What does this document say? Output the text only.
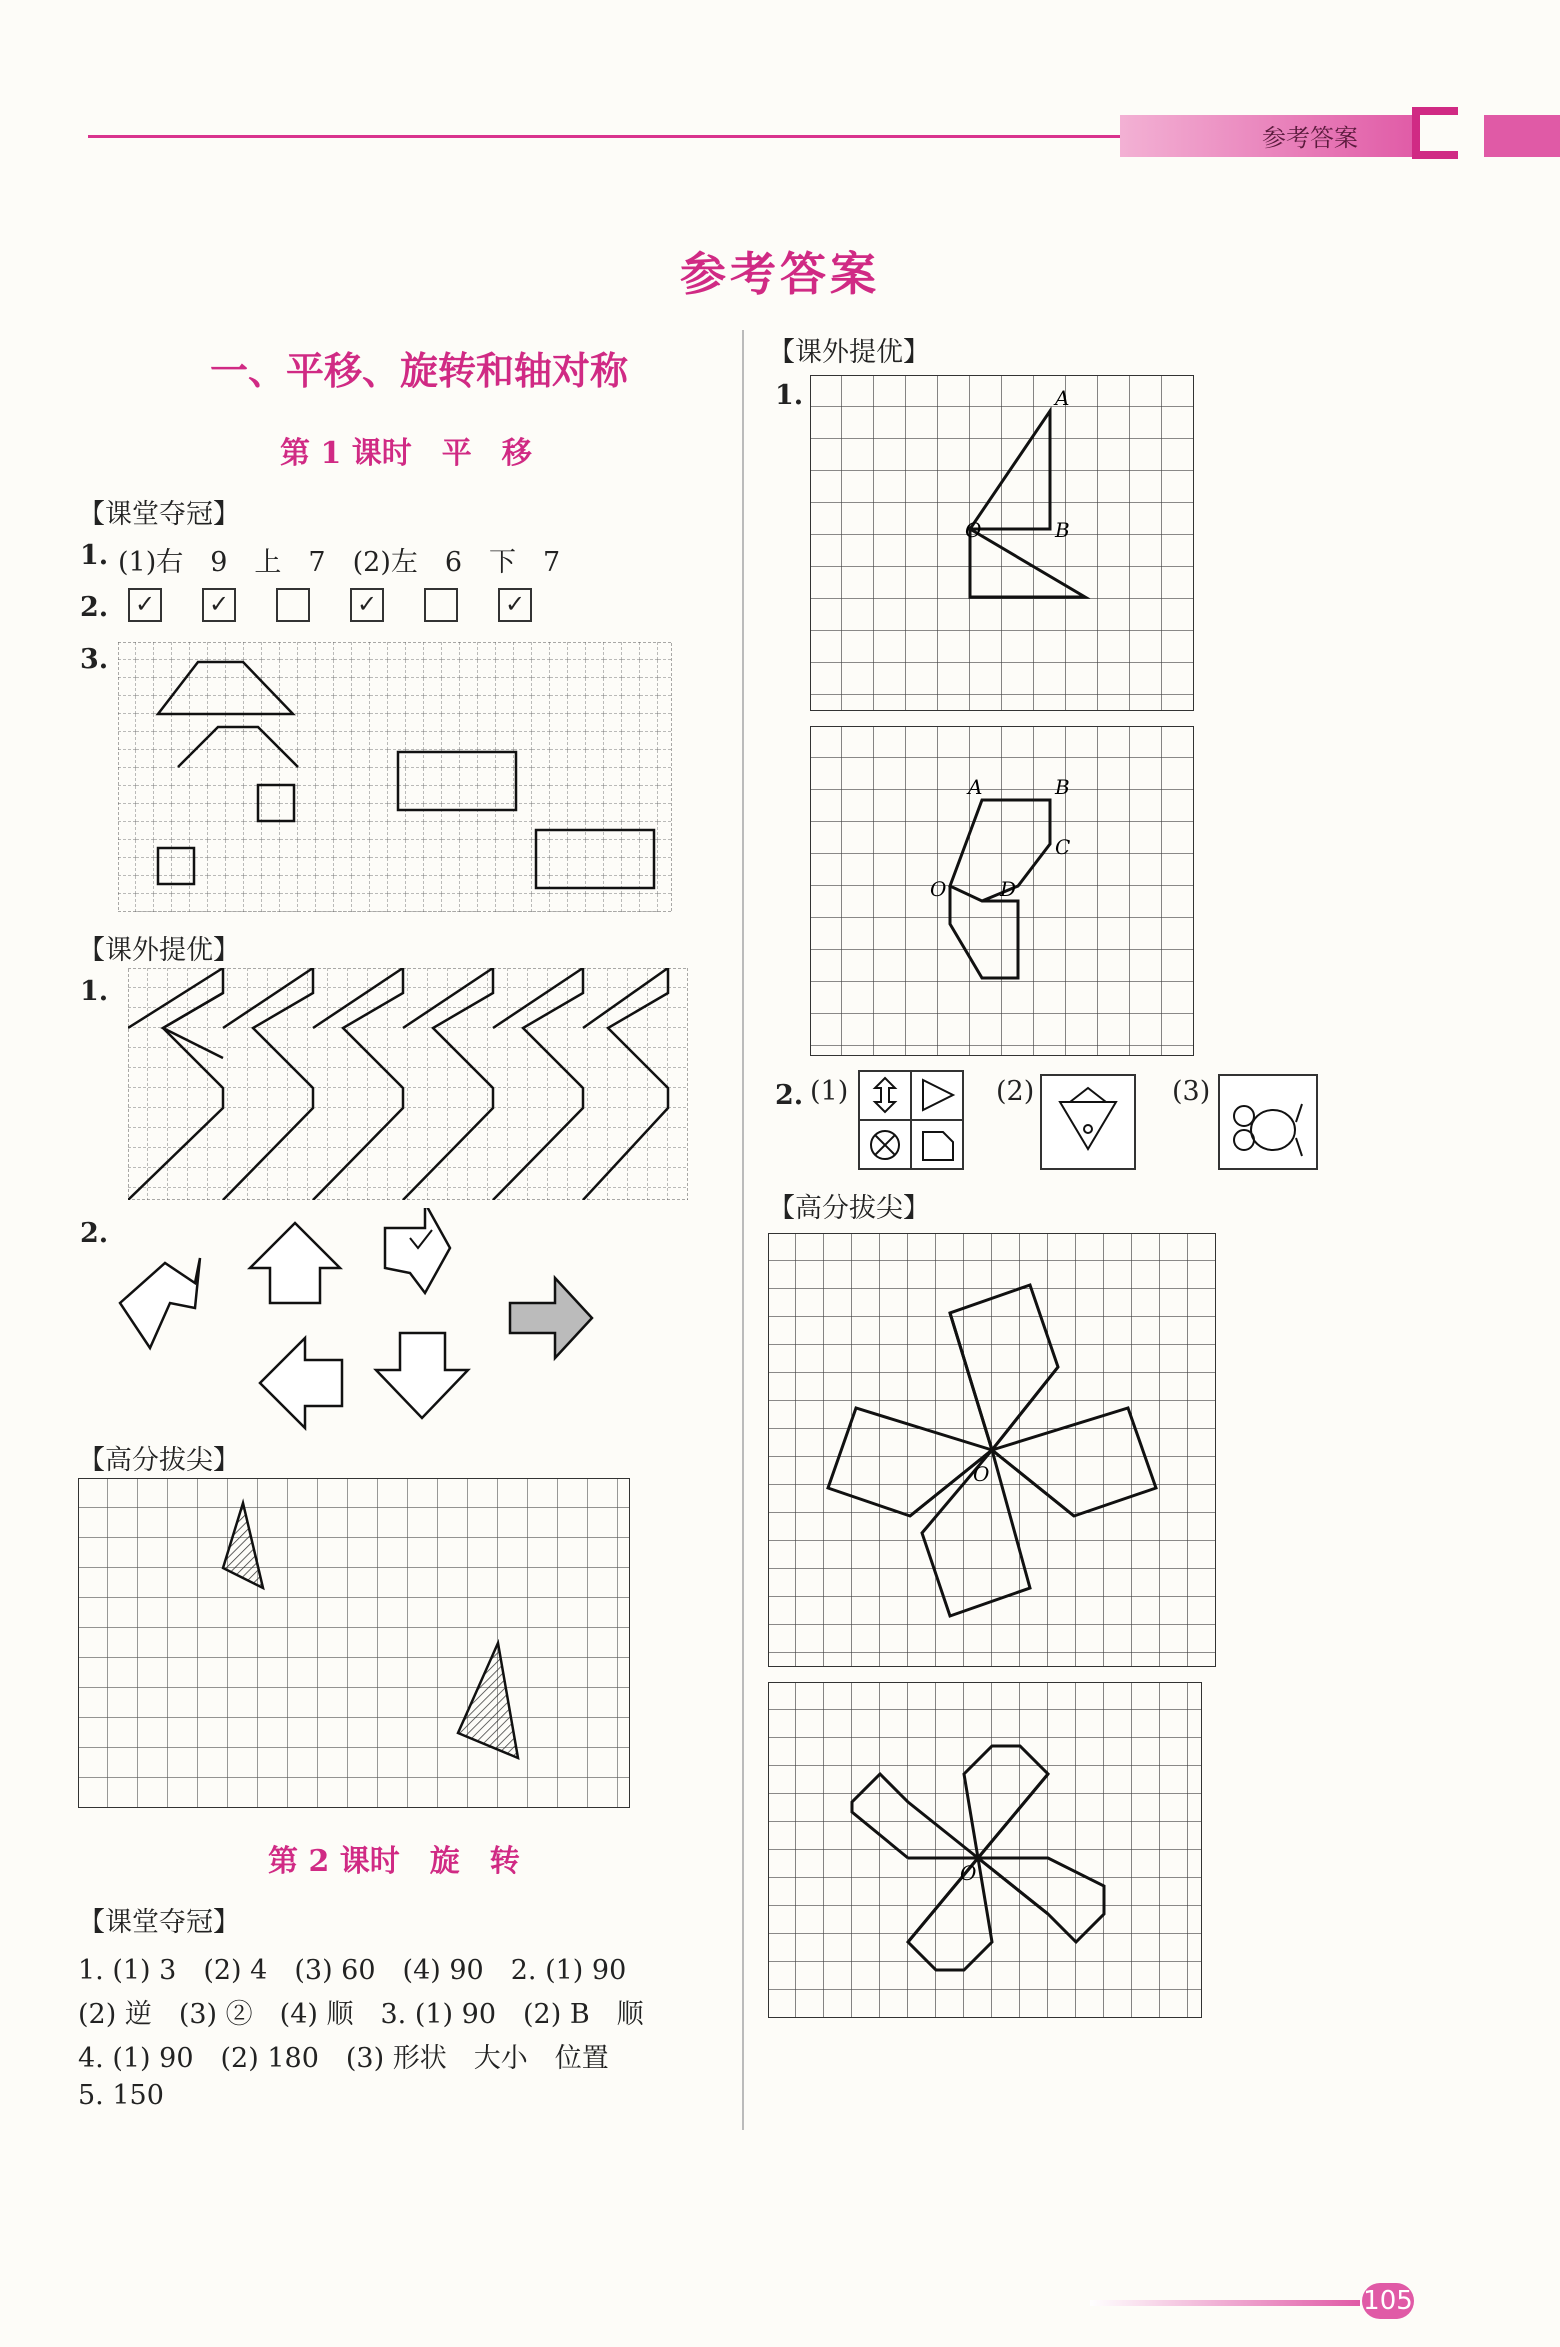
参考答案
参考答案
一、平移、旋转和轴对称
第 1 课时　平　移
【课堂夺冠】
1. (1)右　9　上　7　(2)左　6　下　7
2. ✓ ✓	✓	✓
3.
【课外提优】
1.
2.
【高分拔尖】
第 2 课时　旋　转
【课堂夺冠】
1. (1) 3　(2) 4　(3) 60　(4) 90　2. (1) 90
(2) 逆　(3) ②　(4) 顺　3. (1) 90　(2) B　顺
4. (1) 90　(2) 180　(3) 形状　大小　位置
5. 150
【课外提优】
1.	A
O	B
A	B
C
O	D
2. (1)	(2)	(3)
【高分拔尖】
O
O
105
